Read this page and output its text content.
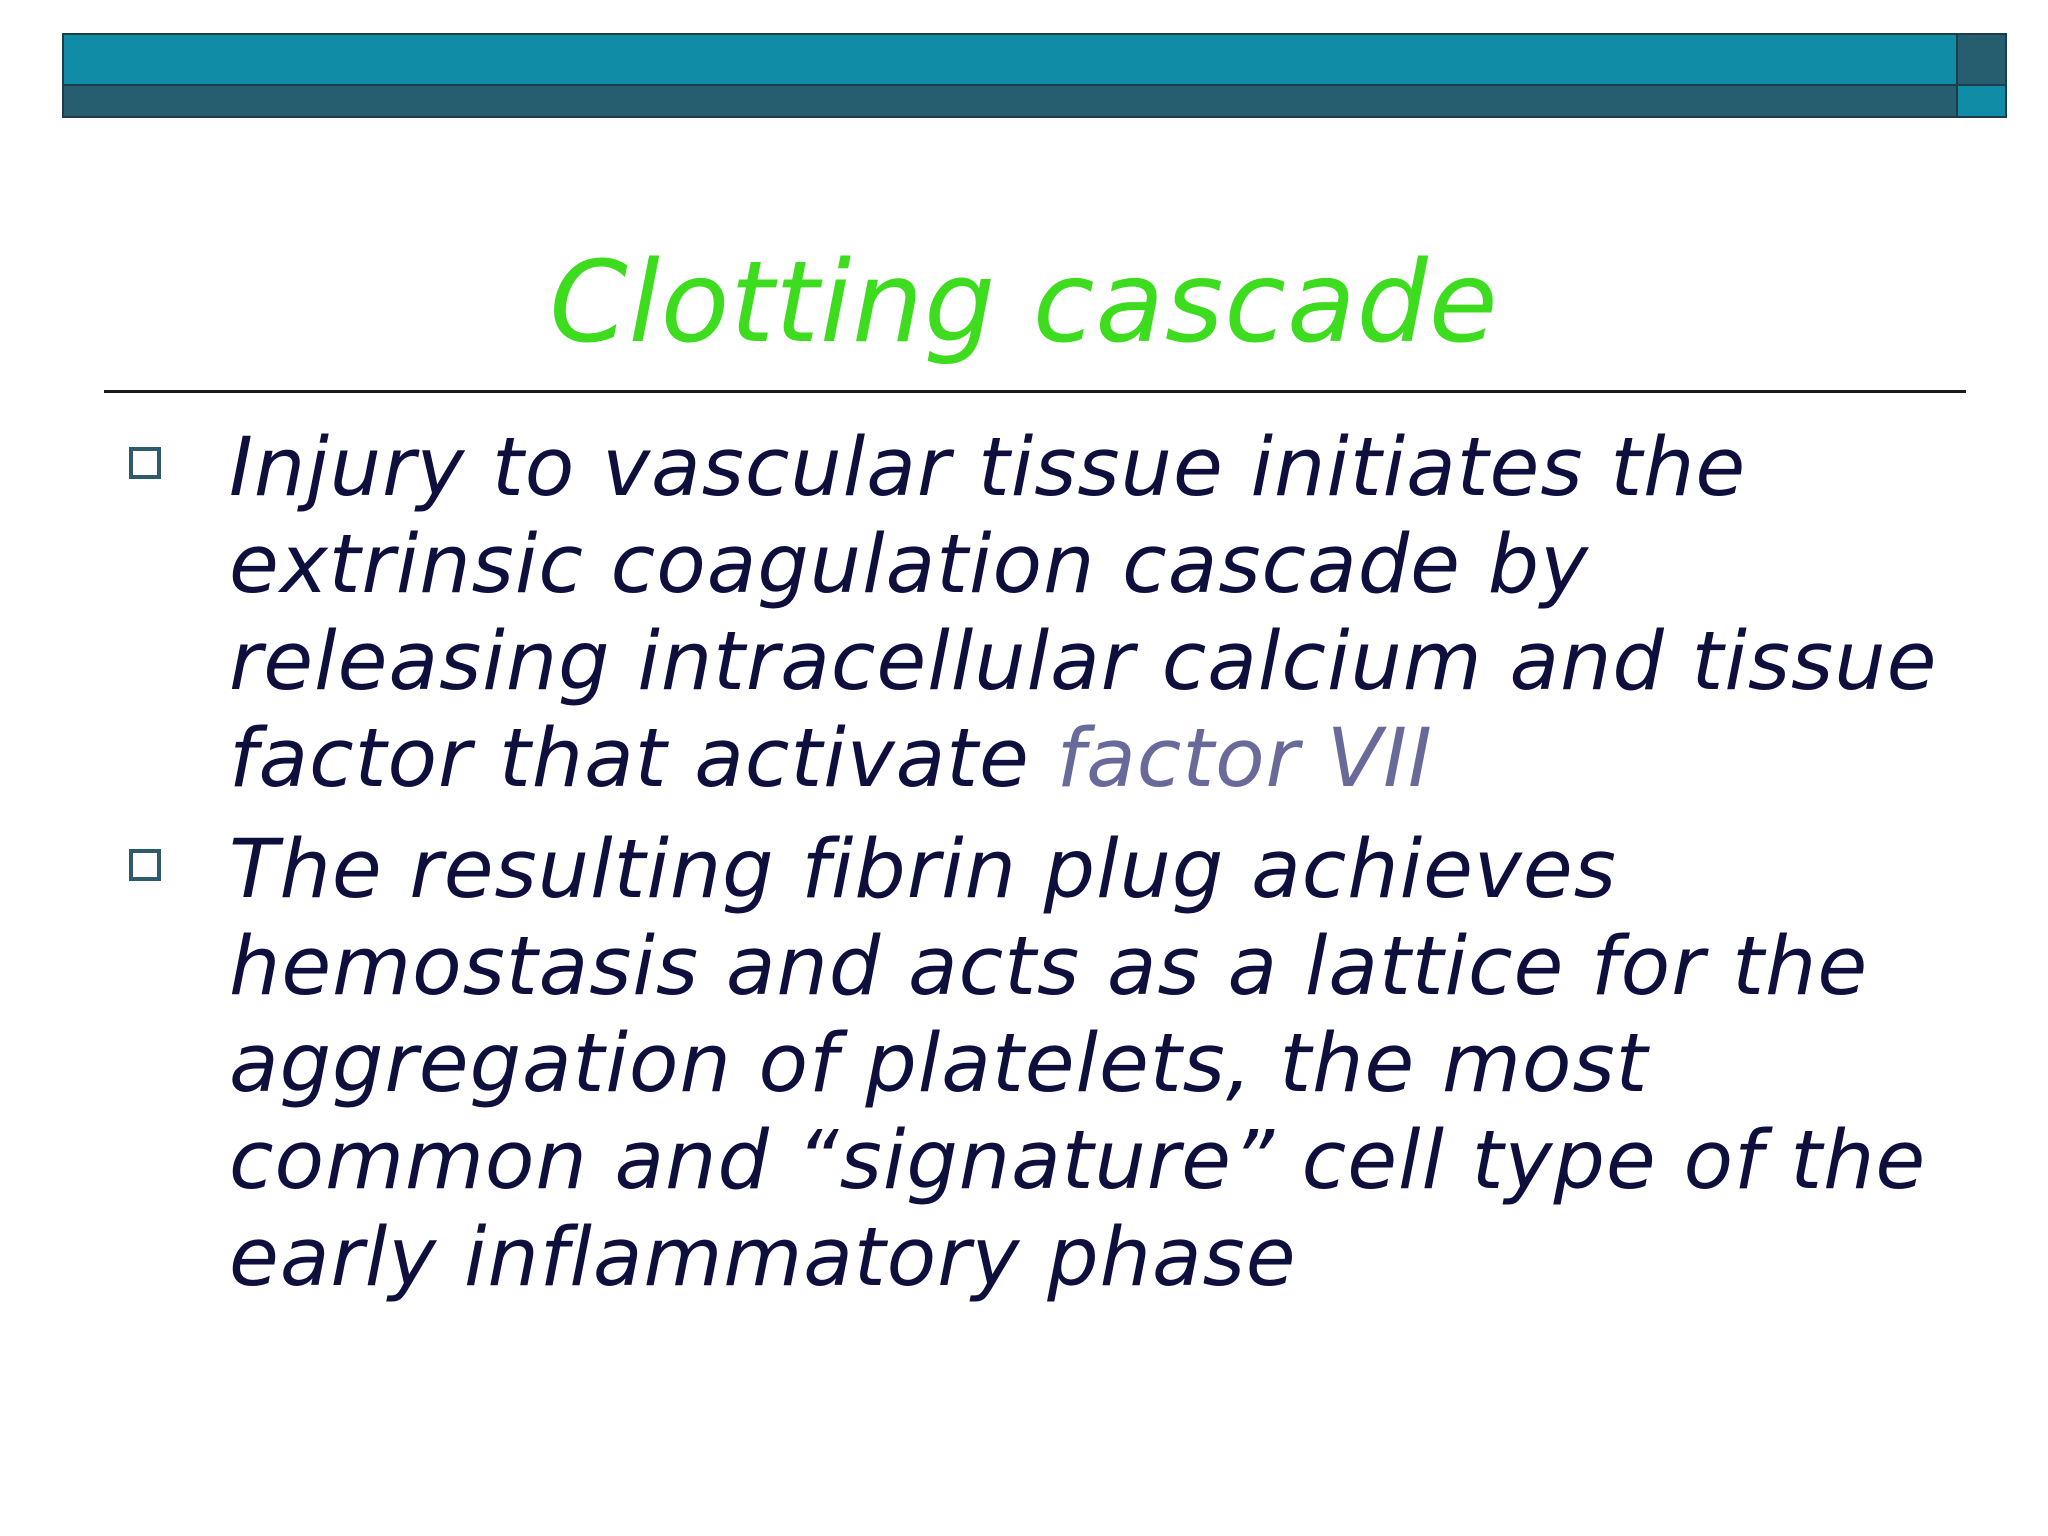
Clotting cascade
Injury to vascular tissue initiates the extrinsic coagulation cascade by releasing intracellular calcium and tissue factor that activate factor VII
The resulting fibrin plug achieves hemostasis and acts as a lattice for the aggregation of platelets, the most common and “signature” cell type of the early inflammatory phase
